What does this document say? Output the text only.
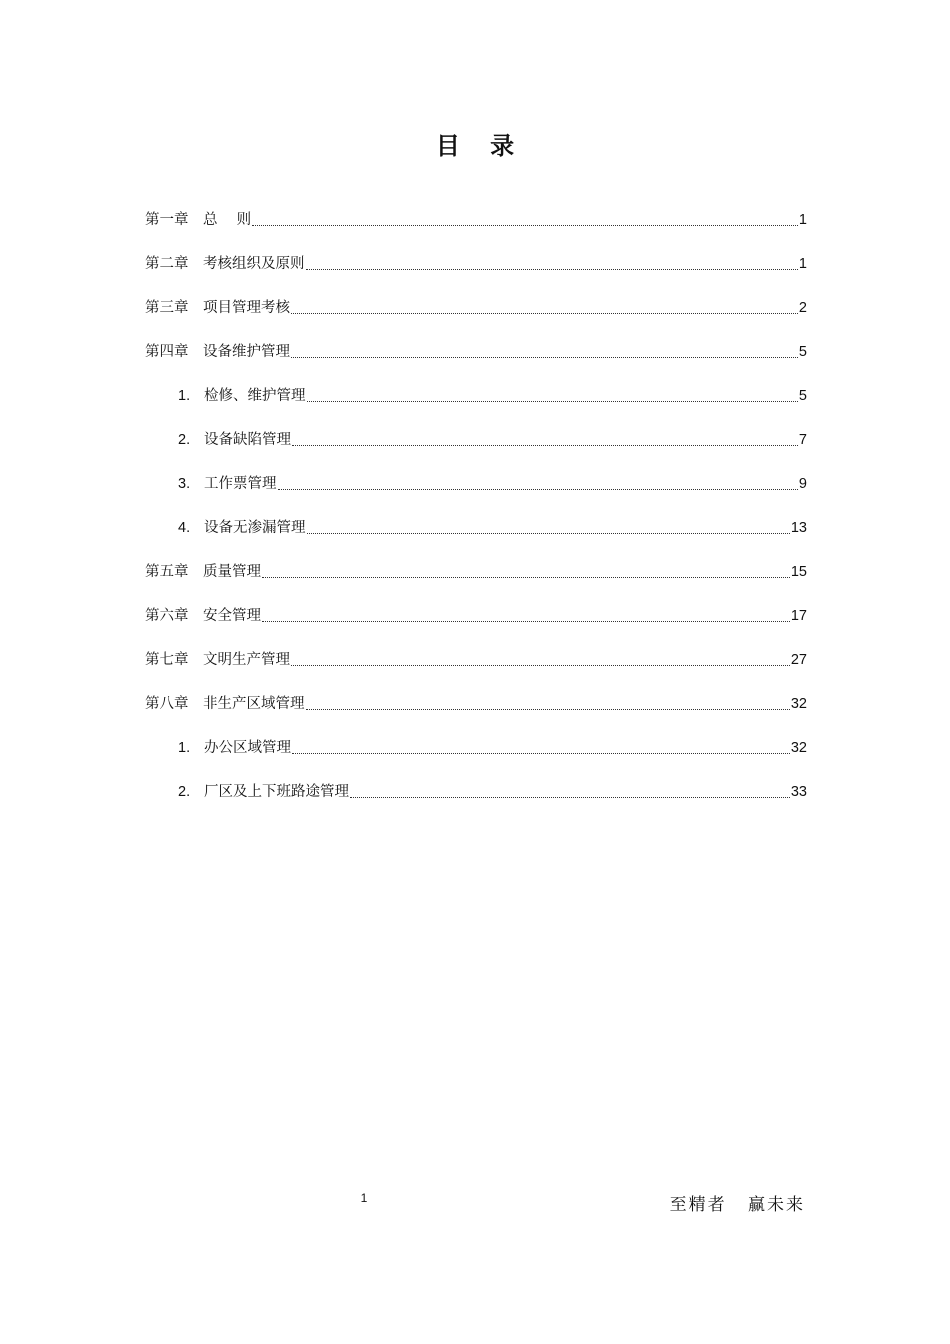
目 录
第一章	总　 则	1
第二章	考核组织及原则	1
第三章	项目管理考核	2
第四章	设备维护管理	5
1. 检修、维护管理	5
2. 设备缺陷管理	7
3. 工作票管理	9
4. 设备无渗漏管理	13
第五章	质量管理	15
第六章	安全管理	17
第七章	文明生产管理	27
第八章	非生产区域管理	32
1. 办公区域管理	32
2. 厂区及上下班路途管理	33
1	至精者 赢未来
